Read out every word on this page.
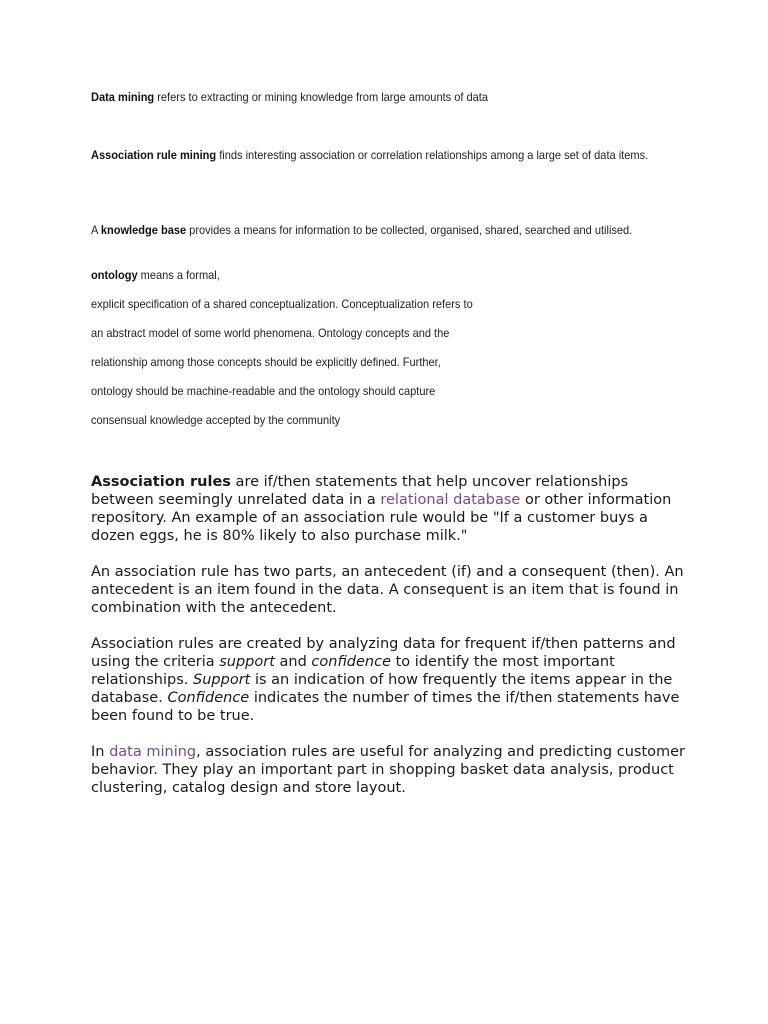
Data mining refers to extracting or mining knowledge from large amounts of data

Association rule mining finds interesting association or correlation relationships among a large set of data items.

A knowledge base provides a means for information to be collected, organised, shared, searched and utilised.

ontology means a formal,

explicit specification of a shared conceptualization. Conceptualization refers to

an abstract model of some world phenomena. Ontology concepts and the

relationship among those concepts should be explicitly defined. Further,

ontology should be machine-readable and the ontology should capture

consensual knowledge accepted by the community

Association rules are if/then statements that help uncover relationships between seemingly unrelated data in a relational database or other information repository. An example of an association rule would be "If a customer buys a dozen eggs, he is 80% likely to also purchase milk."

An association rule has two parts, an antecedent (if) and a consequent (then). An antecedent is an item found in the data. A consequent is an item that is found in combination with the antecedent.

Association rules are created by analyzing data for frequent if/then patterns and using the criteria support and confidence to identify the most important relationships. Support is an indication of how frequently the items appear in the database. Confidence indicates the number of times the if/then statements have been found to be true.

In data mining, association rules are useful for analyzing and predicting customer behavior. They play an important part in shopping basket data analysis, product clustering, catalog design and store layout.
